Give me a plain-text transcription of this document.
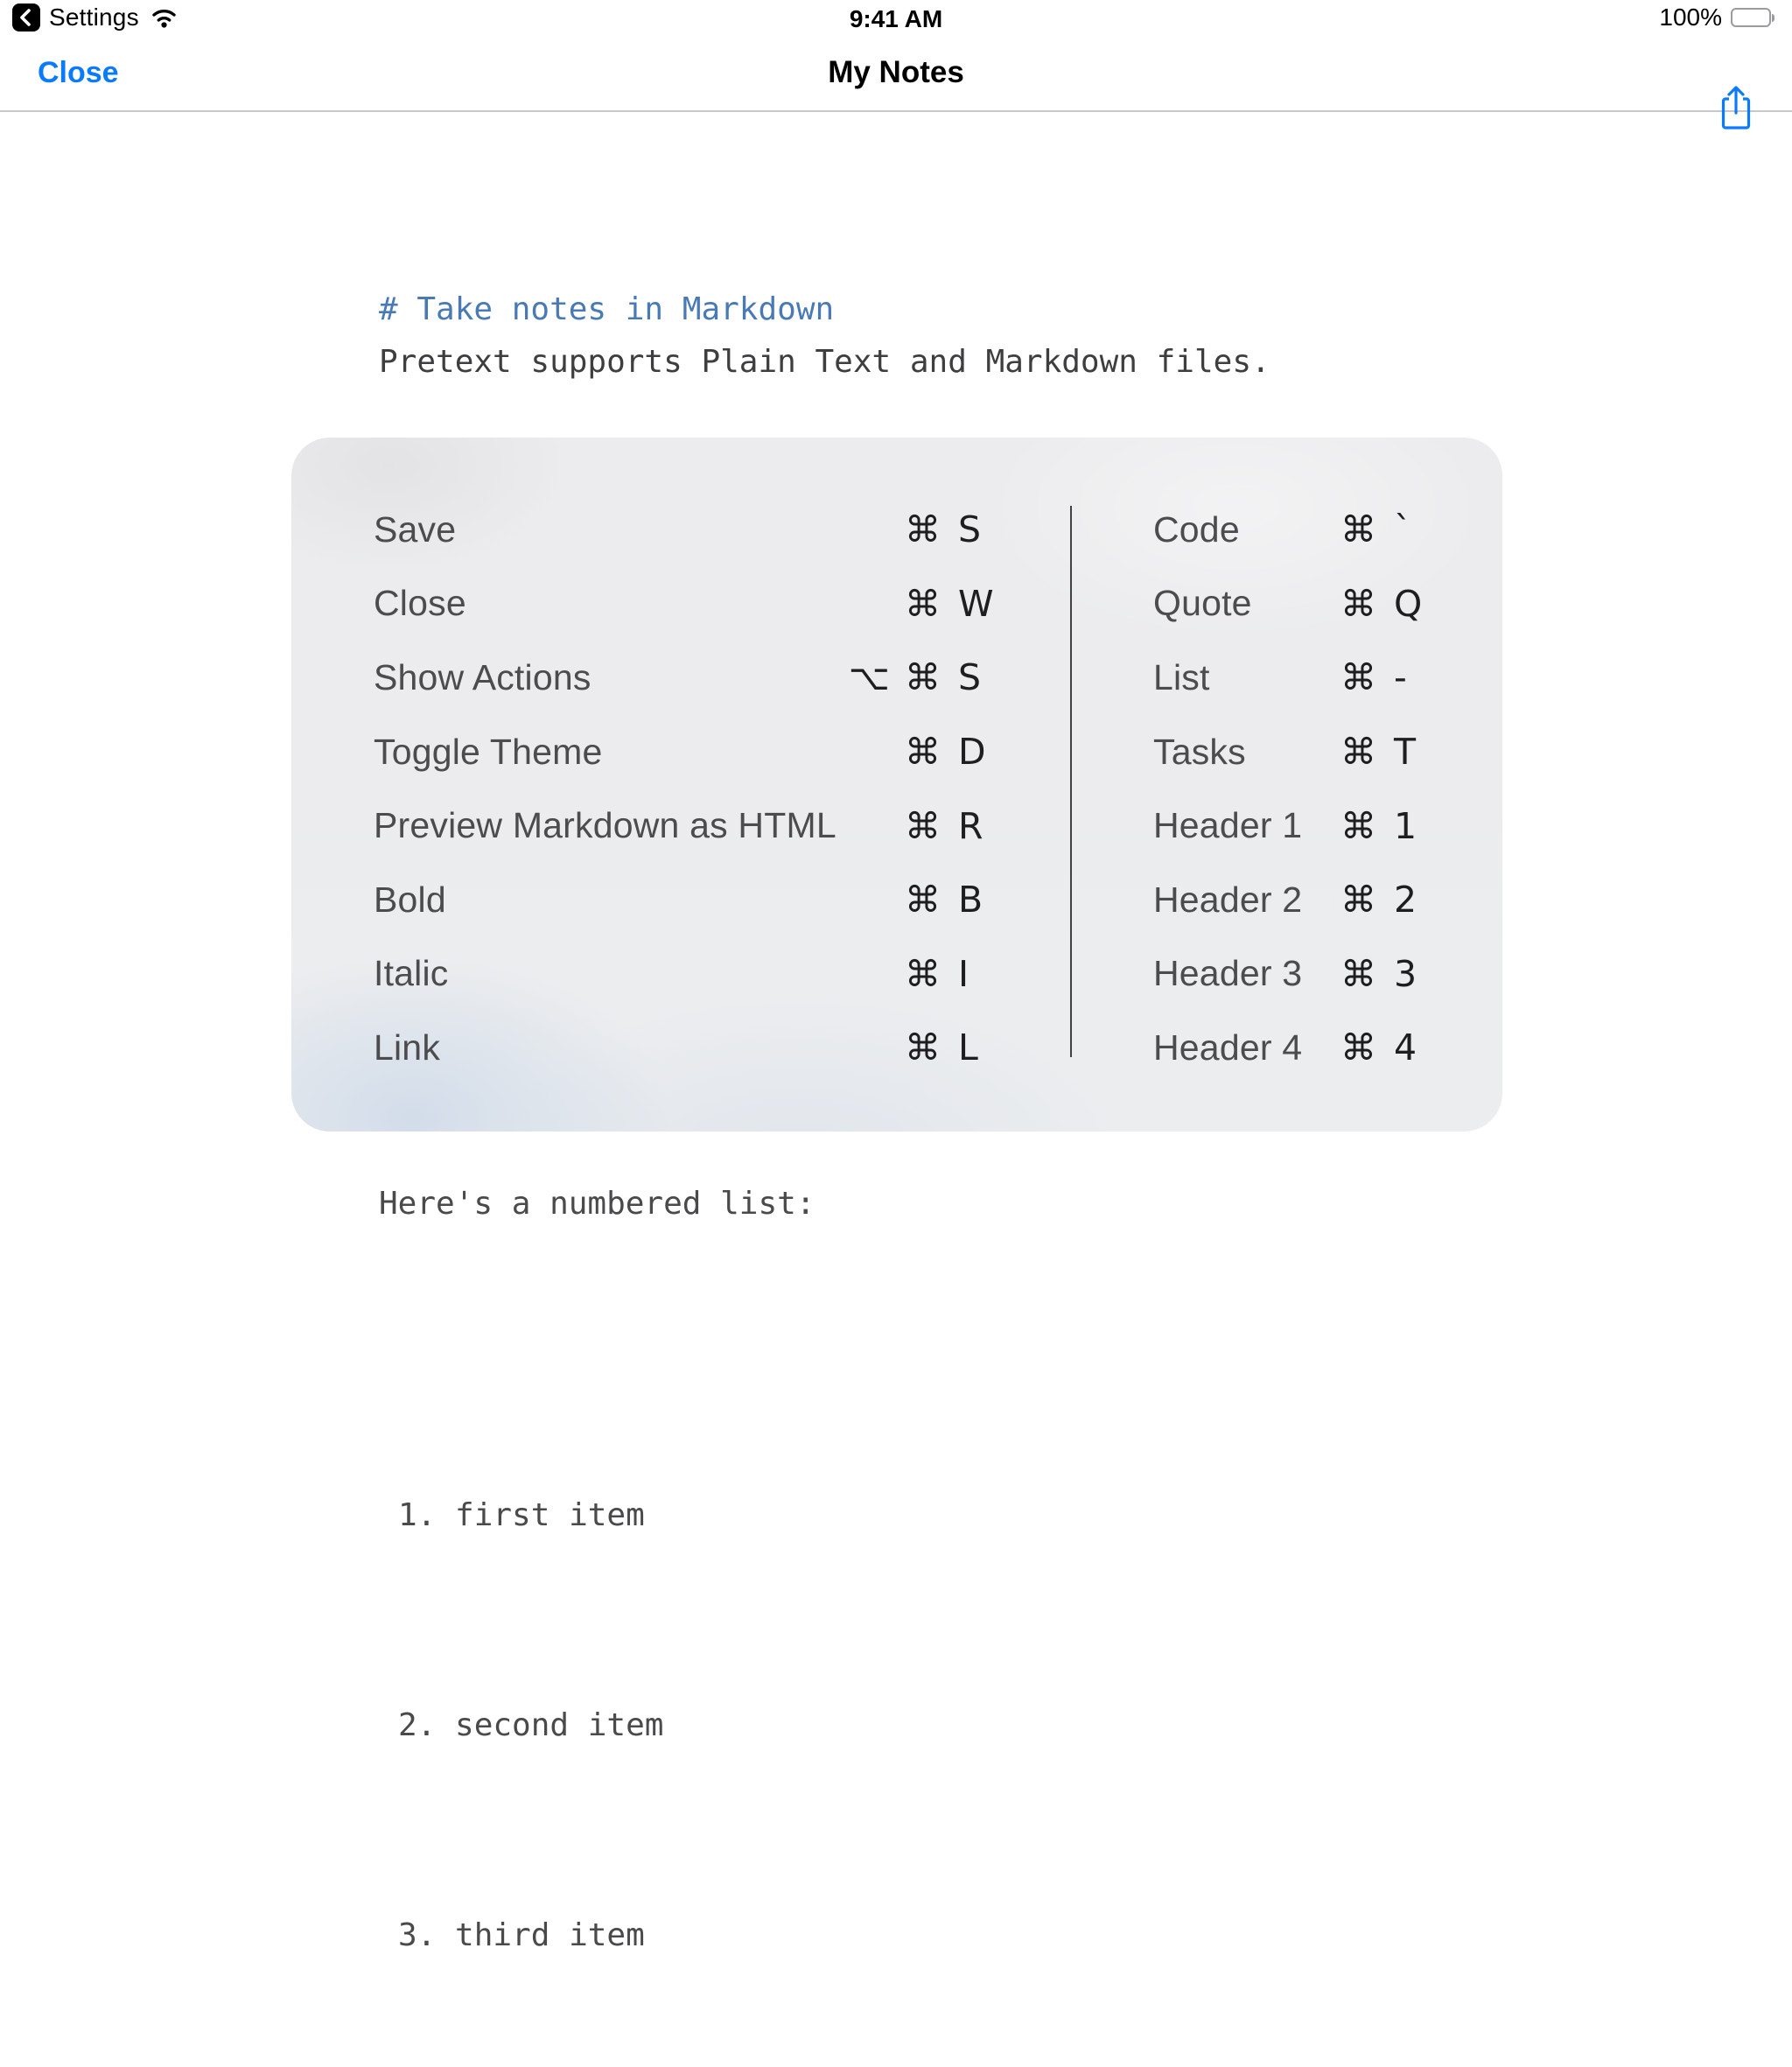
Settings	9:41 AM	100%
Close	My Notes
# Take notes in Markdown
Pretext supports Plain Text and Markdown files.
Here's a numbered list:

1. first item

2. second item

3. third item

Save	⌘ S
Close	⌘ W
Show Actions	⌥ ⌘ S
Toggle Theme	⌘ D
Preview Markdown as HTML	⌘ R
Bold	⌘ B
Italic	⌘ I
Link	⌘ L
Code	⌘ `
Quote	⌘ Q
List	⌘ -
Tasks	⌘ T
Header 1	⌘ 1
Header 2	⌘ 2
Header 3	⌘ 3
Header 4	⌘ 4
